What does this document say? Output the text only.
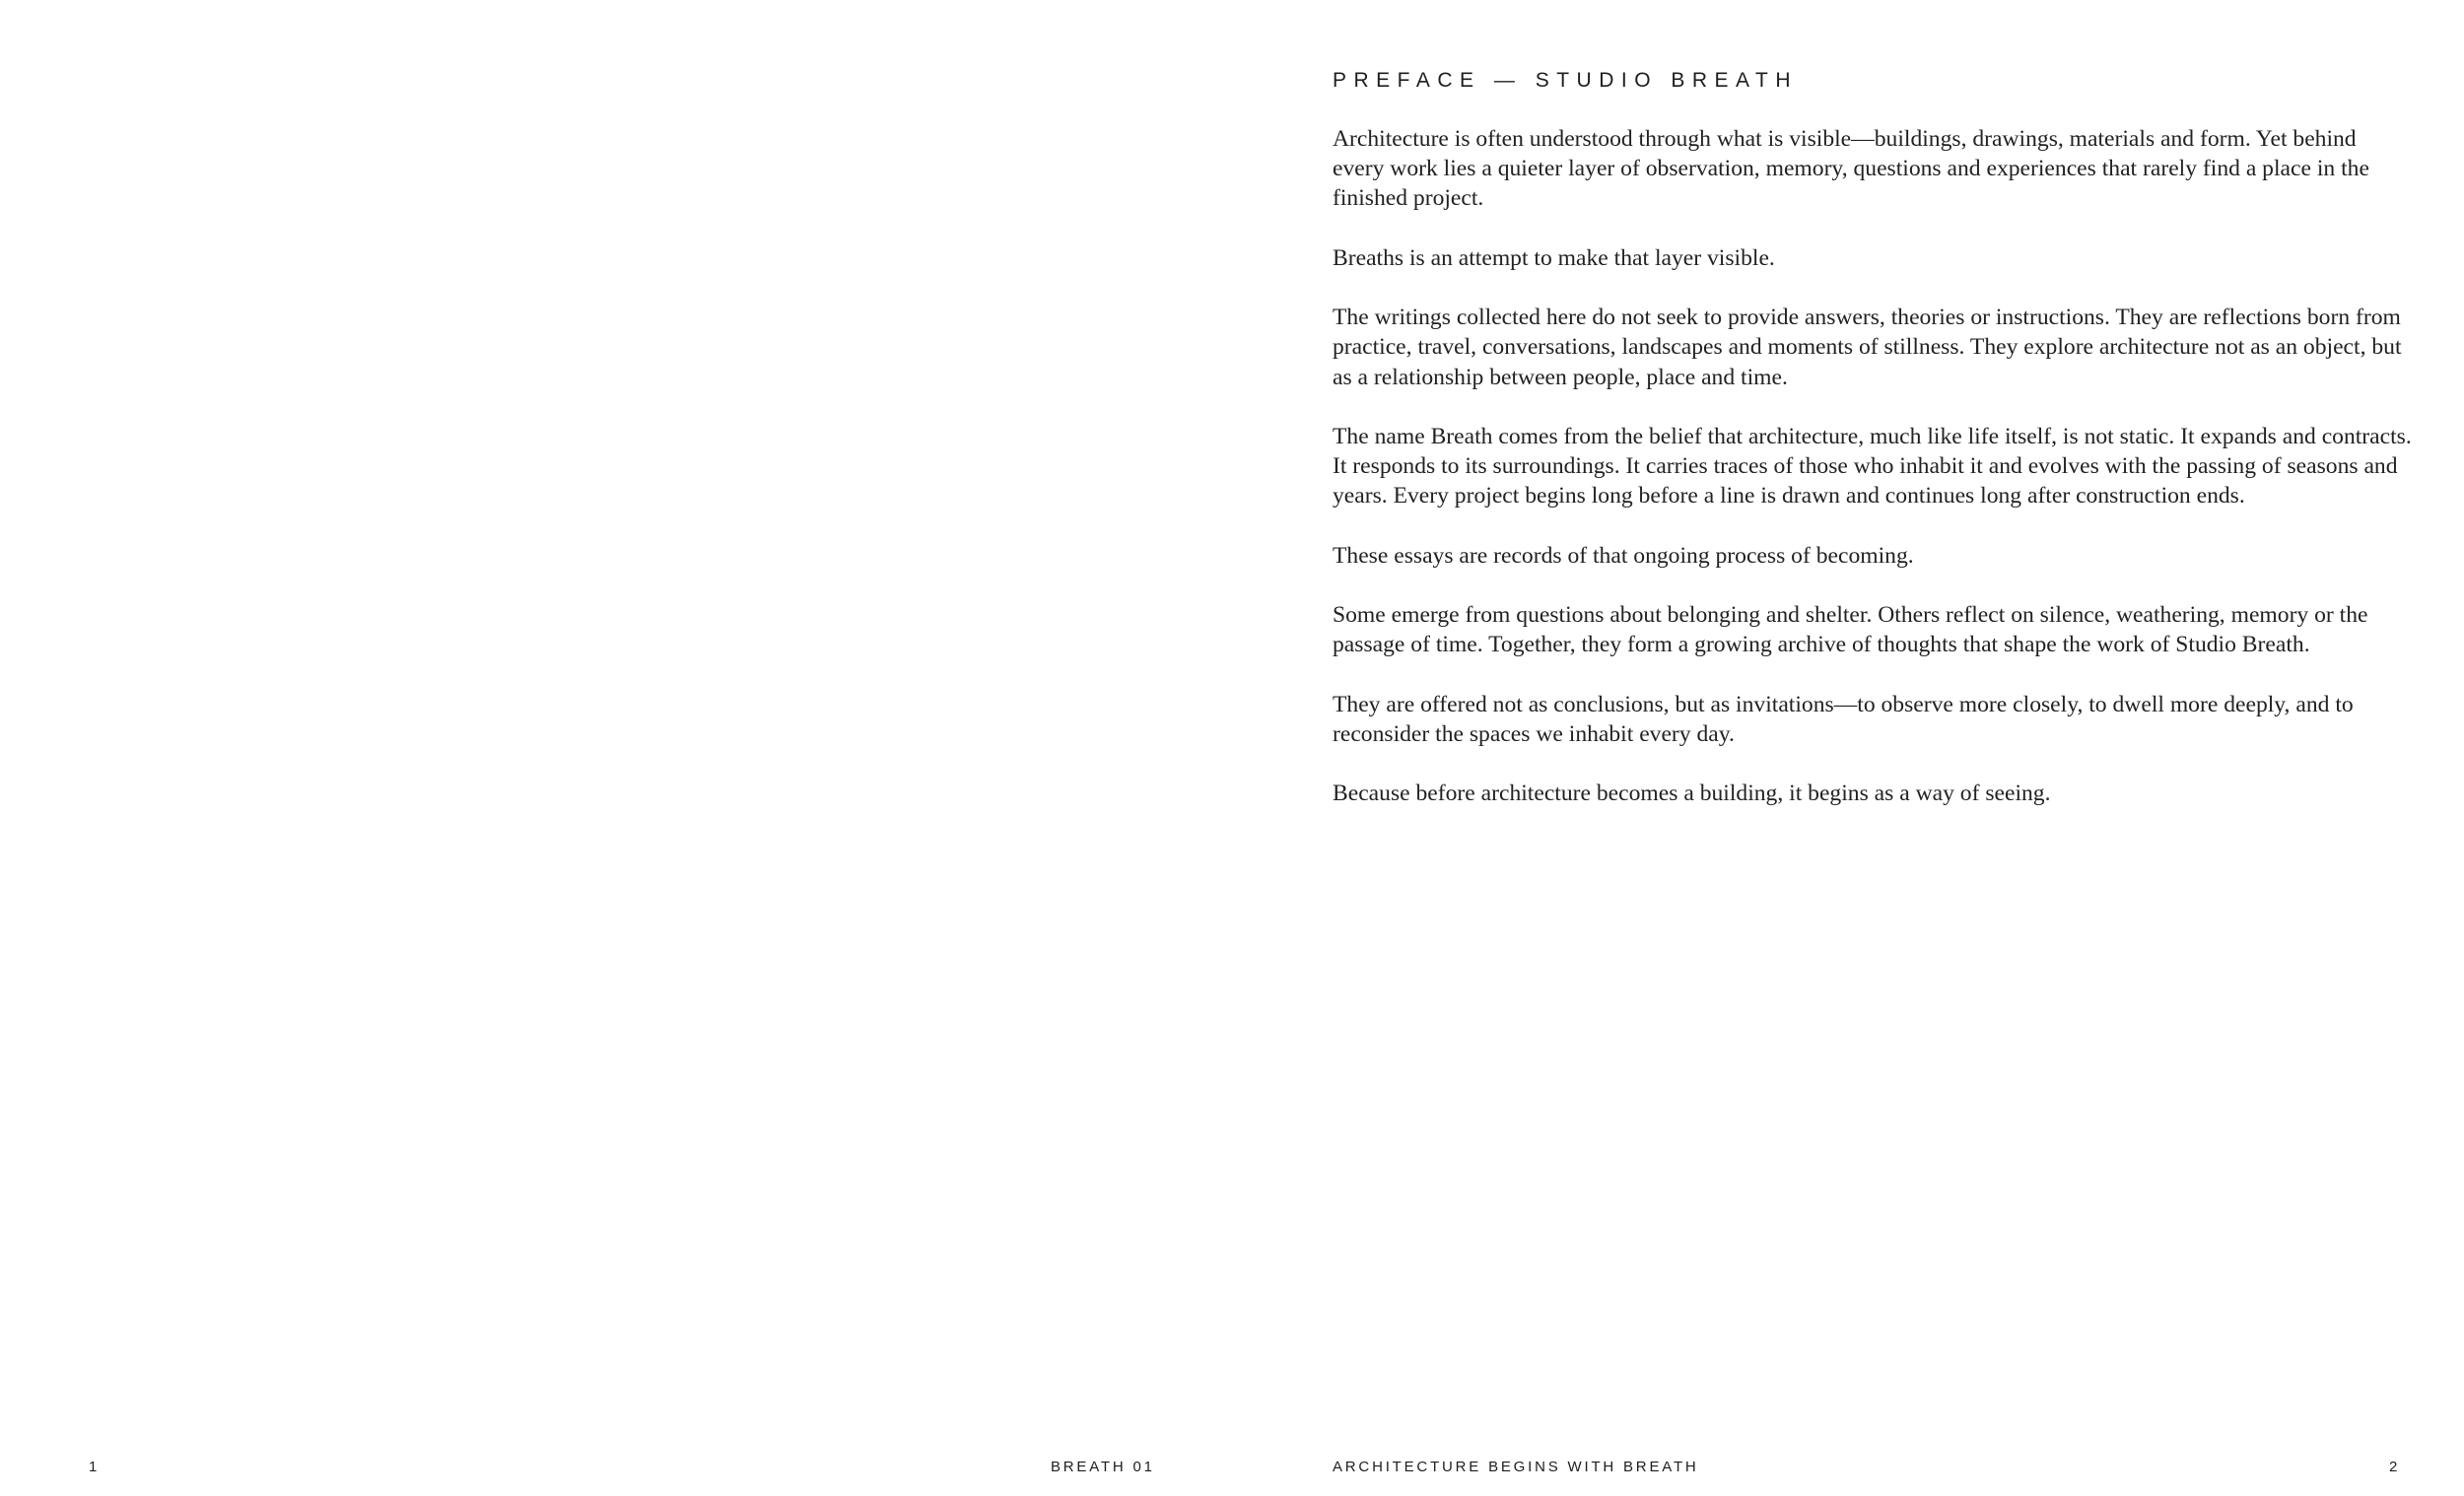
PREFACE — STUDIO BREATH

Architecture is often understood through what is visible—buildings, drawings, materials and form. Yet behind every work lies a quieter layer of observation, memory, questions and experiences that rarely find a place in the finished project.

Breaths is an attempt to make that layer visible.

The writings collected here do not seek to provide answers, theories or instructions. They are reflections born from practice, travel, conversations, landscapes and moments of stillness. They explore architecture not as an object, but as a relationship between people, place and time.

The name Breath comes from the belief that architecture, much like life itself, is not static. It expands and contracts. It responds to its surroundings. It carries traces of those who inhabit it and evolves with the passing of seasons and years. Every project begins long before a line is drawn and continues long after construction ends.

These essays are records of that ongoing process of becoming.

Some emerge from questions about belonging and shelter. Others reflect on silence, weathering, memory or the passage of time. Together, they form a growing archive of thoughts that shape the work of Studio Breath.

They are offered not as conclusions, but as invitations—to observe more closely, to dwell more deeply, and to reconsider the spaces we inhabit every day.

Because before architecture becomes a building, it begins as a way of seeing.

1	BREATH 01	ARCHITECTURE BEGINS WITH BREATH	2
